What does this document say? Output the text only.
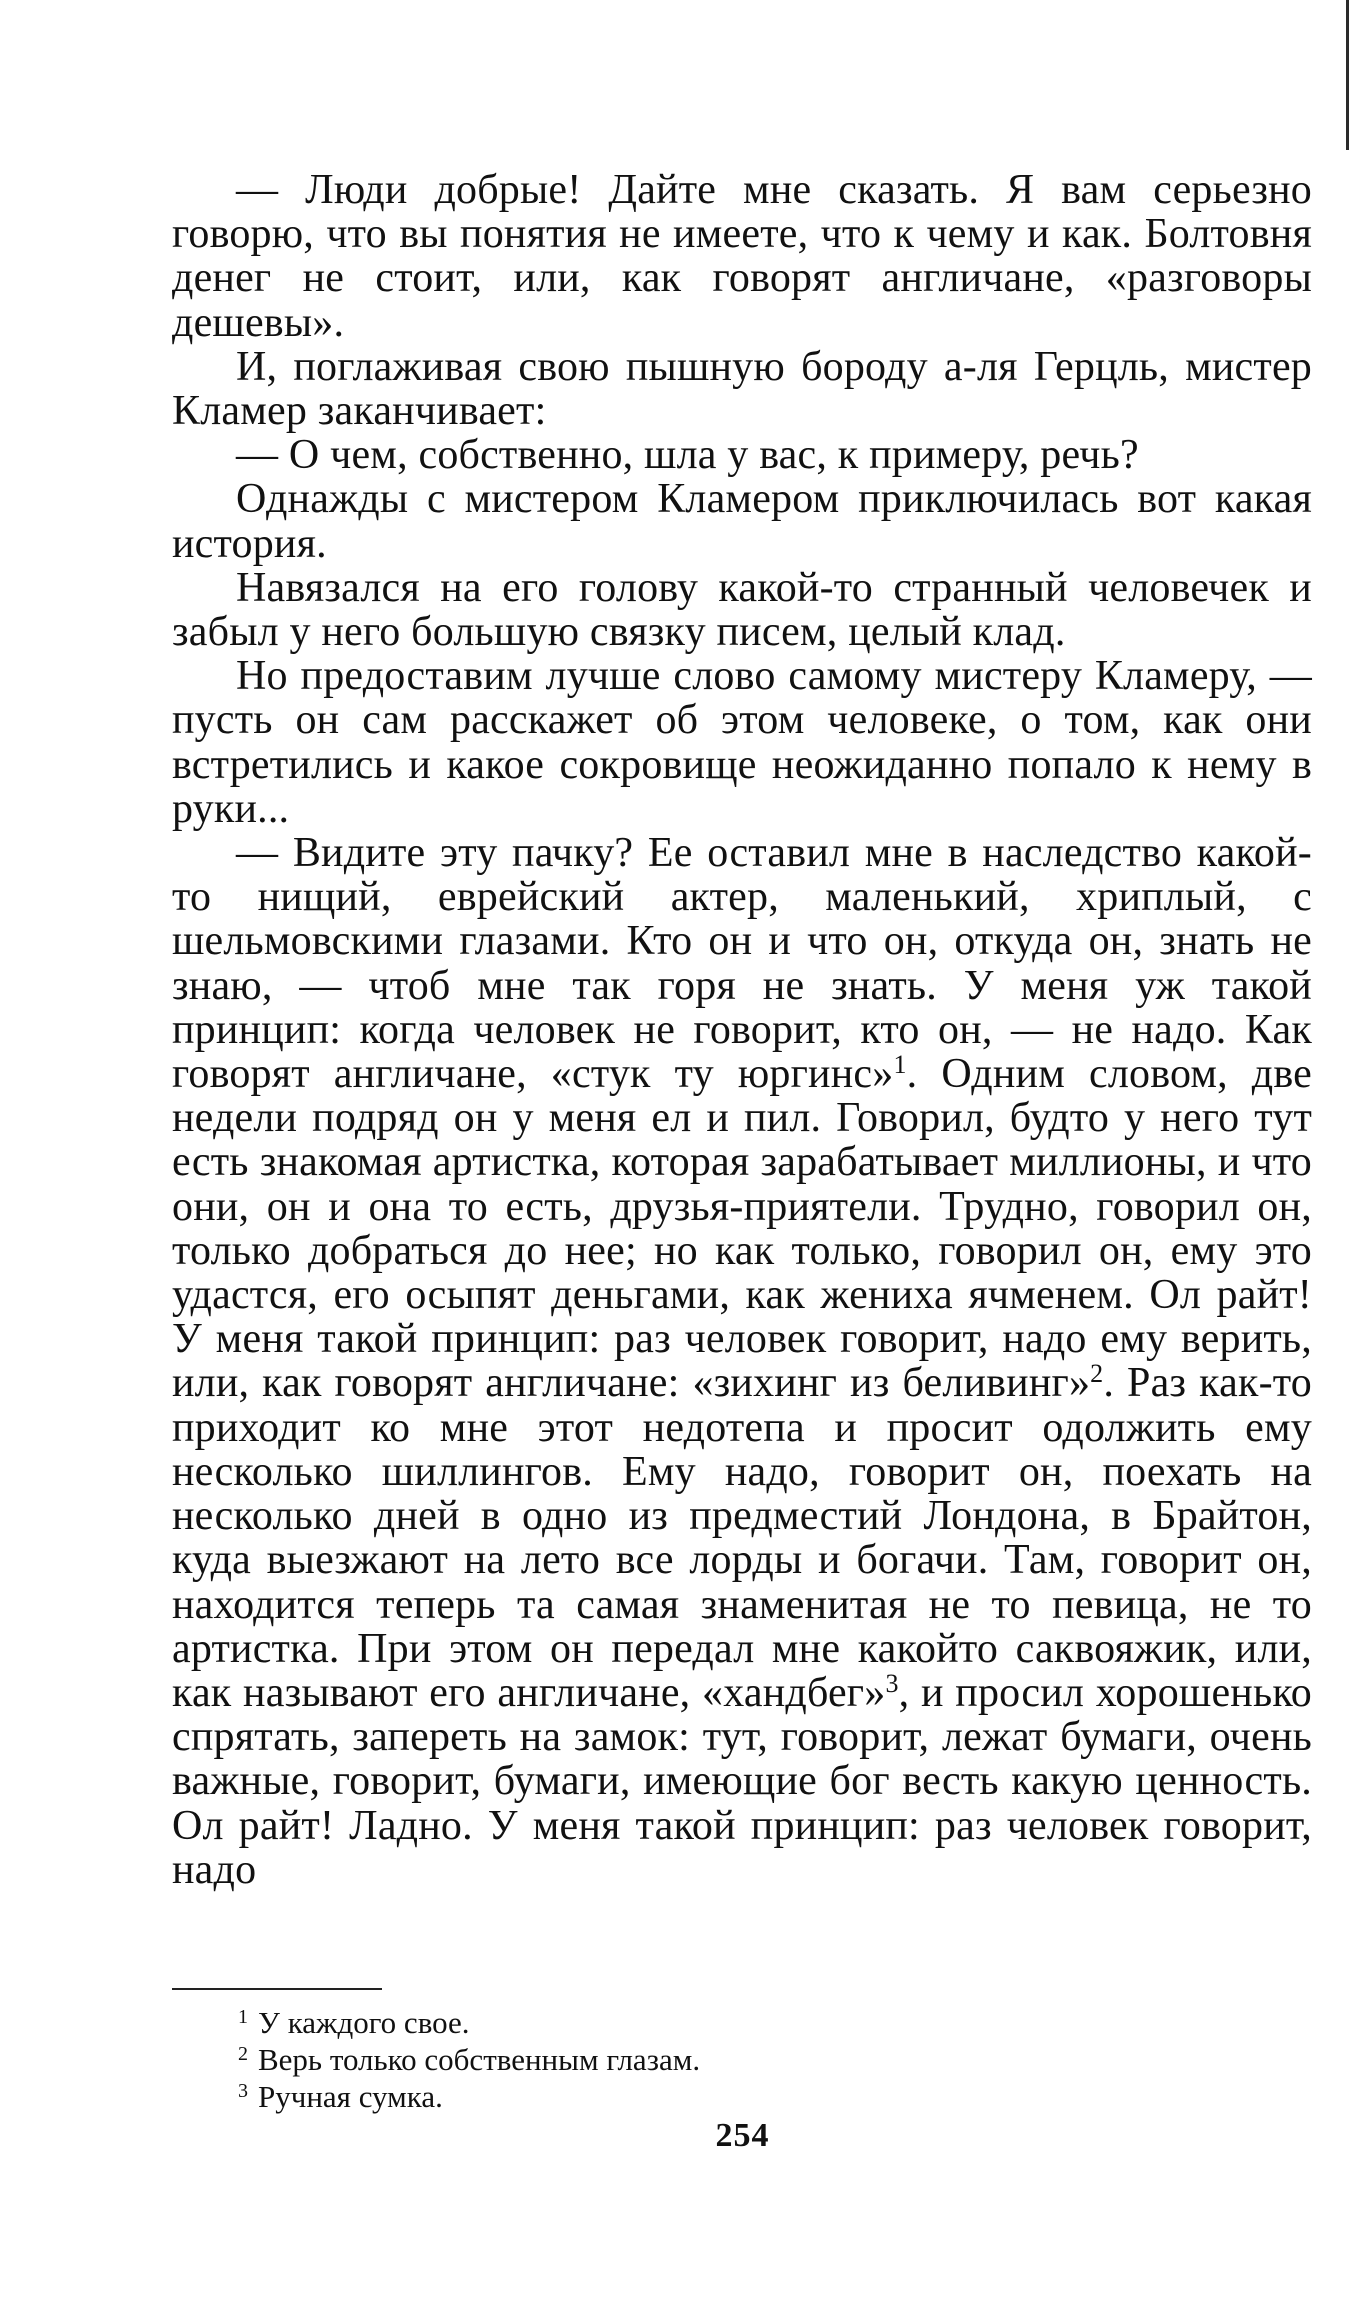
— Люди добрые! Дайте мне сказать. Я вам серьезно говорю, что вы понятия не имеете, что к чему и как. Болтовня денег не стоит, или, как говорят англичане, «разговоры дешевы».

И, поглаживая свою пышную бороду а-ля Герцль, мистер Кламер заканчивает:

— О чем, собственно, шла у вас, к примеру, речь?

Однажды с мистером Кламером приключилась вот какая история.

Навязался на его голову какой-то странный человечек и забыл у него большую связку писем, целый клад.

Но предоставим лучше слово самому мистеру Кламеру, — пусть он сам расскажет об этом человеке, о том, как они встретились и какое сокровище неожиданно попало к нему в руки...

— Видите эту пачку? Ее оставил мне в наследство какой-то нищий, еврейский актер, маленький, хриплый, с шельмовскими глазами. Кто он и что он, откуда он, знать не знаю, — чтоб мне так горя не знать. У меня уж такой принцип: когда человек не говорит, кто он, — не надо. Как говорят англичане, «стук ту юргинс»$^1$. Одним словом, две недели подряд он у меня ел и пил. Говорил, будто у него тут есть знакомая артистка, которая зарабатывает миллионы, и что они, он и она то есть, друзья-приятели. Трудно, говорил он, только добраться до нее; но как только, говорил он, ему это удастся, его осыпят деньгами, как жениха ячменем. Ол райт! У меня такой принцип: раз человек говорит, надо ему верить, или, как говорят англичане: «зихинг из беливинг»$^2$. Раз как-то приходит ко мне этот недотепа и просит одолжить ему несколько шиллингов. Ему надо, говорит он, поехать на несколько дней в одно из предместий Лондона, в Брайтон, куда выезжают на лето все лорды и богачи. Там, говорит он, находится теперь та самая знаменитая не то певица, не то артистка. При этом он передал мне какойто саквояжик, или, как называют его англичане, «хандбег»$^3$, и просил хорошенько спрятать, запереть на замок: тут, говорит, лежат бумаги, очень важные, говорит, бумаги, имеющие бог весть какую ценность. Ол райт! Ладно. У меня такой принцип: раз человек говорит, надо

$^1$ У каждого свое.
$^2$ Верь только собственным глазам.
$^3$ Ручная сумка.
254
